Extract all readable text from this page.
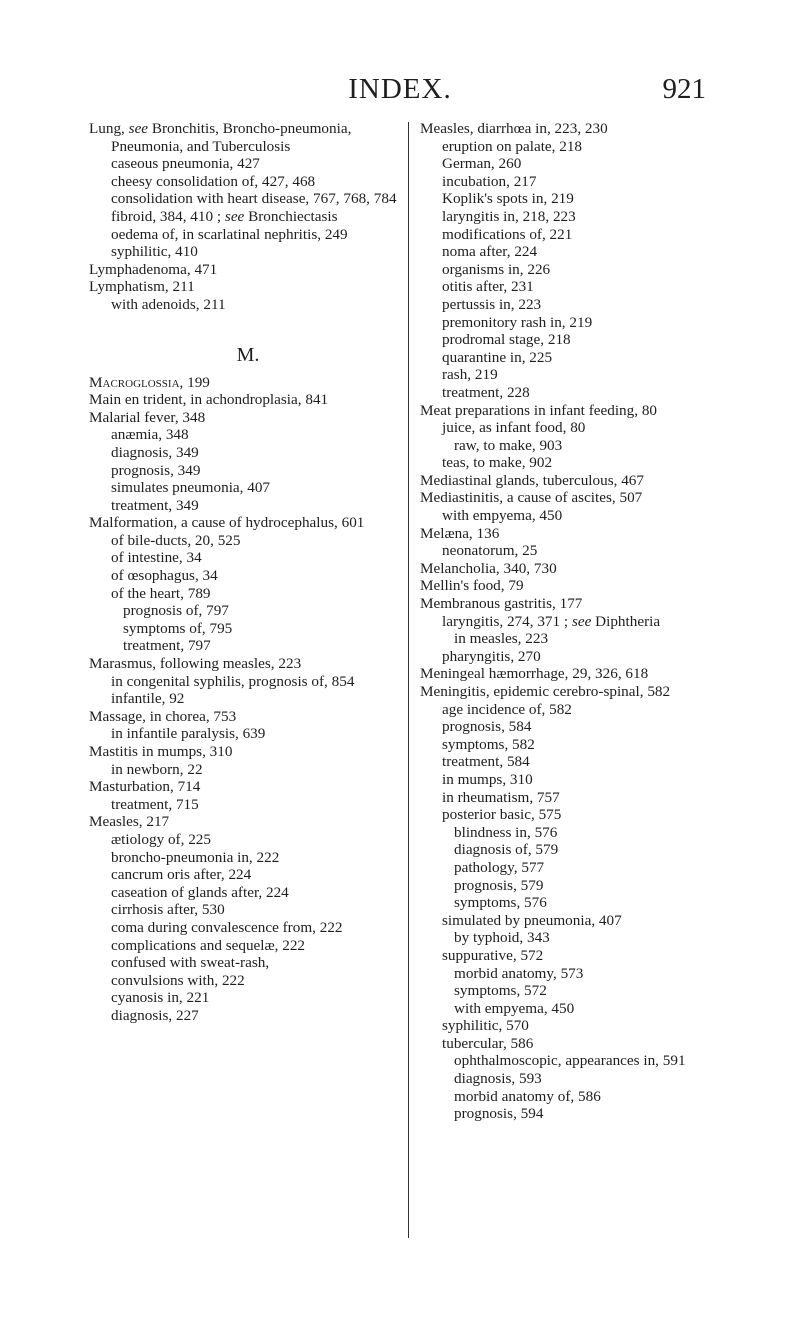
INDEX.	921
Lung, see Bronchitis, Broncho-pneumonia, Pneumonia, and Tuberculosis
caseous pneumonia, 427
cheesy consolidation of, 427, 468
consolidation with heart disease, 767, 768, 784
fibroid, 384, 410 ; see Bronchiectasis
oedema of, in scarlatinal nephritis, 249
syphilitic, 410
Lymphadenoma, 471
Lymphatism, 211
with adenoids, 211
M.
Macroglossia, 199
Main en trident, in achondroplasia, 841
Malarial fever, 348
anæmia, 348
diagnosis, 349
prognosis, 349
simulates pneumonia, 407
treatment, 349
Malformation, a cause of hydrocephalus, 601
of bile-ducts, 20, 525
of intestine, 34
of œsophagus, 34
of the heart, 789
prognosis of, 797
symptoms of, 795
treatment, 797
Marasmus, following measles, 223
in congenital syphilis, prognosis of, 854
infantile, 92
Massage, in chorea, 753
in infantile paralysis, 639
Mastitis in mumps, 310
in newborn, 22
Masturbation, 714
treatment, 715
Measles, 217
ætiology of, 225
broncho-pneumonia in, 222
cancrum oris after, 224
caseation of glands after, 224
cirrhosis after, 530
coma during convalescence from, 222
complications and sequelæ, 222
confused with sweat-rash,
convulsions with, 222
cyanosis in, 221
diagnosis, 227
Measles, diarrhœa in, 223, 230
eruption on palate, 218
German, 260
incubation, 217
Koplik's spots in, 219
laryngitis in, 218, 223
modifications of, 221
noma after, 224
organisms in, 226
otitis after, 231
pertussis in, 223
premonitory rash in, 219
prodromal stage, 218
quarantine in, 225
rash, 219
treatment, 228
Meat preparations in infant feeding, 80
juice, as infant food, 80
raw, to make, 903
teas, to make, 902
Mediastinal glands, tuberculous, 467
Mediastinitis, a cause of ascites, 507
with empyema, 450
Melæna, 136
neonatorum, 25
Melancholia, 340, 730
Mellin's food, 79
Membranous gastritis, 177
laryngitis, 274, 371 ; see Diphtheria
in measles, 223
pharyngitis, 270
Meningeal hæmorrhage, 29, 326, 618
Meningitis, epidemic cerebro-spinal, 582
age incidence of, 582
prognosis, 584
symptoms, 582
treatment, 584
in mumps, 310
in rheumatism, 757
posterior basic, 575
blindness in, 576
diagnosis of, 579
pathology, 577
prognosis, 579
symptoms, 576
simulated by pneumonia, 407
by typhoid, 343
suppurative, 572
morbid anatomy, 573
symptoms, 572
with empyema, 450
syphilitic, 570
tubercular, 586
ophthalmoscopic, appearances in, 591
diagnosis, 593
morbid anatomy of, 586
prognosis, 594
